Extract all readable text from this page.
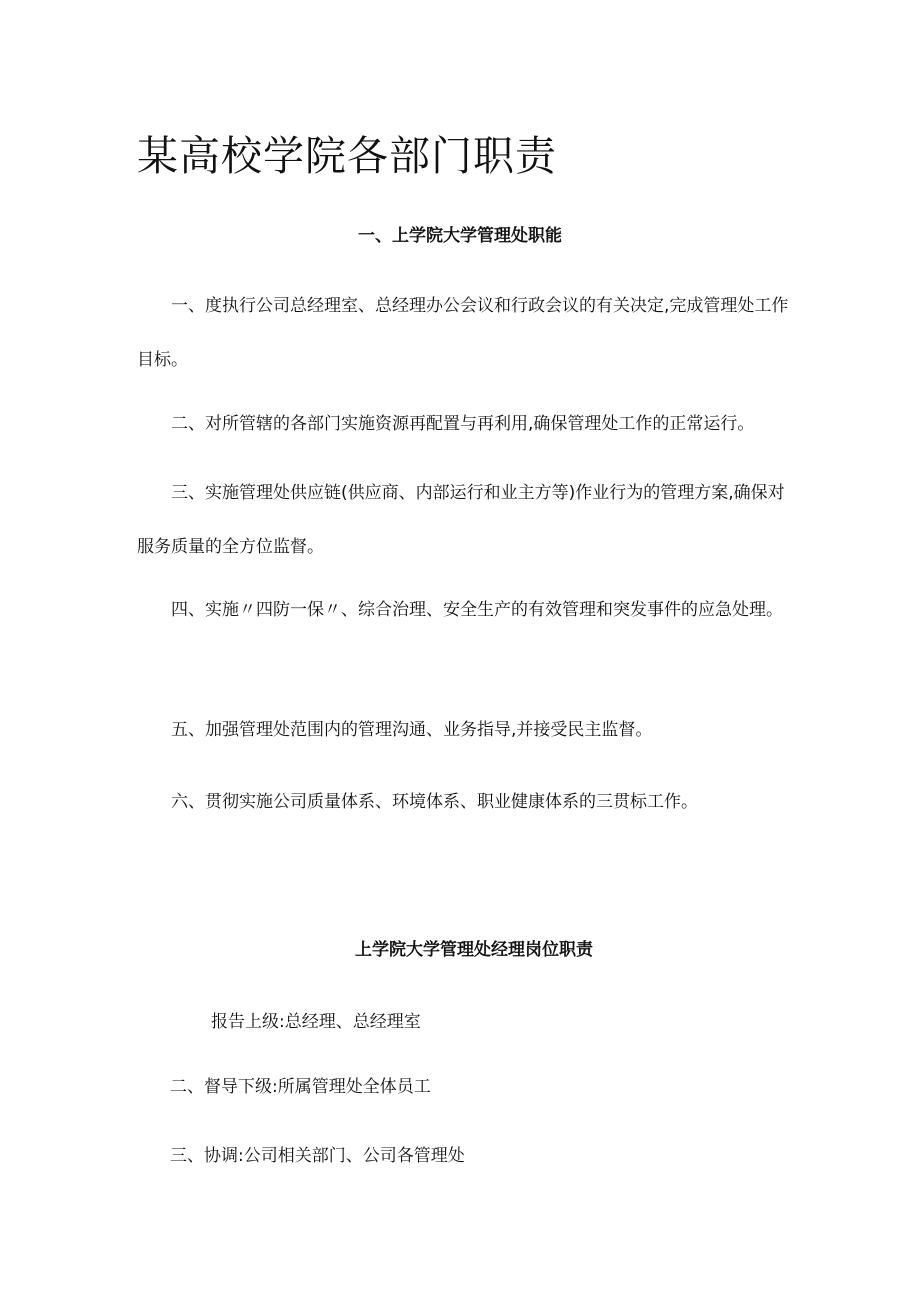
某高校学院各部门职责
一、上学院大学管理处职能

一、度执行公司总经理室、总经理办公会议和行政会议的有关决定,完成管理处工作目标。

二、对所管辖的各部门实施资源再配置与再利用,确保管理处工作的正常运行。

三、实施管理处供应链(供应商、内部运行和业主方等)作业行为的管理方案,确保对服务质量的全方位监督。

四、实施〃四防一保〃、综合治理、安全生产的有效管理和突发事件的应急处理。

五、加强管理处范围内的管理沟通、业务指导,并接受民主监督。

六、贯彻实施公司质量体系、环境体系、职业健康体系的三贯标工作。

上学院大学管理处经理岗位职责

报告上级:总经理、总经理室

二、督导下级:所属管理处全体员工

三、协调:公司相关部门、公司各管理处
